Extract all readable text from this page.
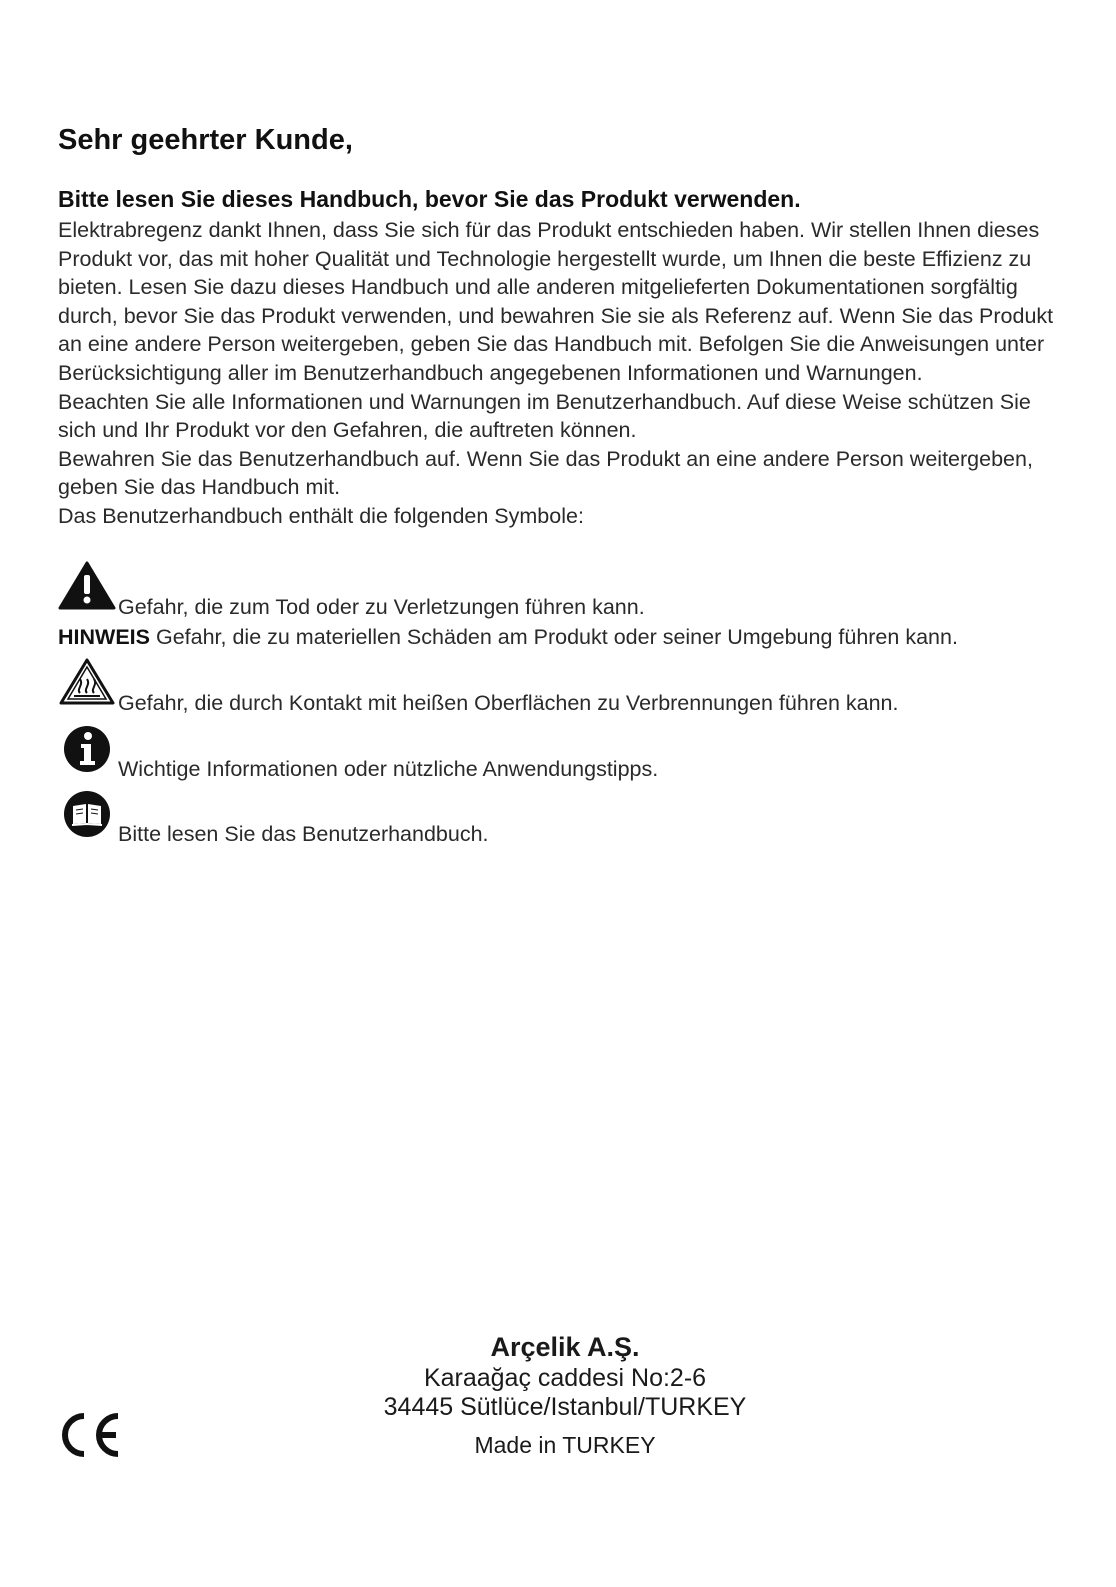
Sehr geehrter Kunde,
Bitte lesen Sie dieses Handbuch, bevor Sie das Produkt verwenden.

Elektrabregenz dankt Ihnen, dass Sie sich für das Produkt entschieden haben. Wir stellen Ihnen dieses Produkt vor, das mit hoher Qualität und Technologie hergestellt wurde, um Ihnen die beste Effizienz zu bieten. Lesen Sie dazu dieses Handbuch und alle anderen mitgelieferten Dokumentationen sorgfältig durch, bevor Sie das Produkt verwenden, und bewahren Sie sie als Referenz auf. Wenn Sie das Produkt an eine andere Person weitergeben, geben Sie das Handbuch mit. Befolgen Sie die Anweisungen unter Berücksichtigung aller im Benutzerhandbuch angegebenen Informationen und Warnungen.

Beachten Sie alle Informationen und Warnungen im Benutzerhandbuch. Auf diese Weise schützen Sie sich und Ihr Produkt vor den Gefahren, die auftreten können.

Bewahren Sie das Benutzerhandbuch auf. Wenn Sie das Produkt an eine andere Person weitergeben, geben Sie das Handbuch mit.

Das Benutzerhandbuch enthält die folgenden Symbole:

Gefahr, die zum Tod oder zu Verletzungen führen kann.
HINWEIS Gefahr, die zu materiellen Schäden am Produkt oder seiner Umgebung führen kann.
Gefahr, die durch Kontakt mit heißen Oberflächen zu Verbrennungen führen kann.
Wichtige Informationen oder nützliche Anwendungstipps.
Bitte lesen Sie das Benutzerhandbuch.

Arçelik A.Ş.

Karaağaç caddesi No:2-6

34445 Sütlüce/Istanbul/TURKEY

Made in TURKEY
